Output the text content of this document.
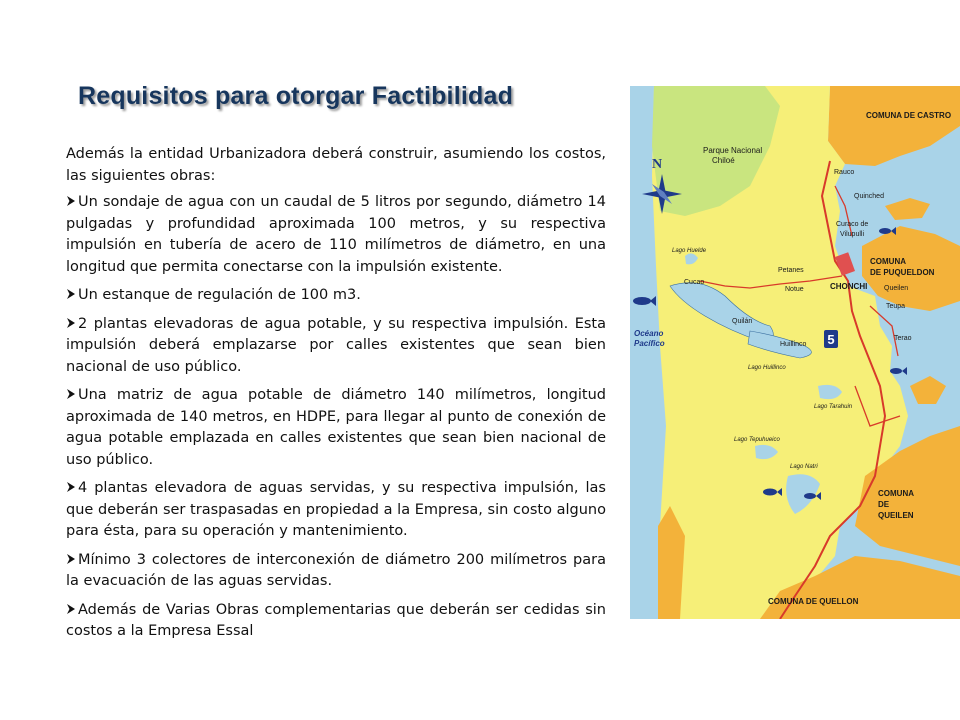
Requisitos para otorgar Factibilidad

Además la entidad Urbanizadora deberá construir, asumiendo los costos, las siguientes obras:

Un sondaje de agua con un caudal de 5 litros por segundo, diámetro 14 pulgadas y profundidad aproximada 100 metros, y su respectiva impulsión en tubería de acero de 110 milímetros de diámetro, en una longitud que permita conectarse con la impulsión existente.
Un estanque de regulación de 100 m3.
2 plantas elevadoras de agua potable, y su respectiva impulsión. Esta impulsión deberá emplazarse por calles existentes que sean bien nacional de uso público.
Una matriz de agua potable de diámetro 140 milímetros, longitud aproximada de 140 metros, en HDPE, para llegar al punto de conexión de agua potable emplazada en calles existentes que sean bien nacional de uso público.
4 plantas elevadora de aguas servidas, y su respectiva impulsión, las que deberán ser traspasadas en propiedad a la Empresa, sin costo alguno para ésta, para su operación y mantenimiento.
Mínimo 3 colectores de interconexión de diámetro 200 milímetros para la evacuación de las aguas servidas.
Además de Varias Obras complementarias que deberán ser cedidas sin costos a la Empresa Essal
5
N
COMUNA DE CASTRO
Parque Nacional
Chiloé
Rauco
Quinched
Curaco de
Vilupulli
COMUNA
DE PUQUELDON
Lago Huelde
Petanes
Notue
Cucao	CHONCHI Queilen
Teupa
Océano
Pacífico
Quilán
Huillinco
Lago Huillinco
Terao
Lago Tarahuin
Lago Tepuhueico
Lago Natri
COMUNA
DE
QUEILEN
COMUNA DE QUELLON
